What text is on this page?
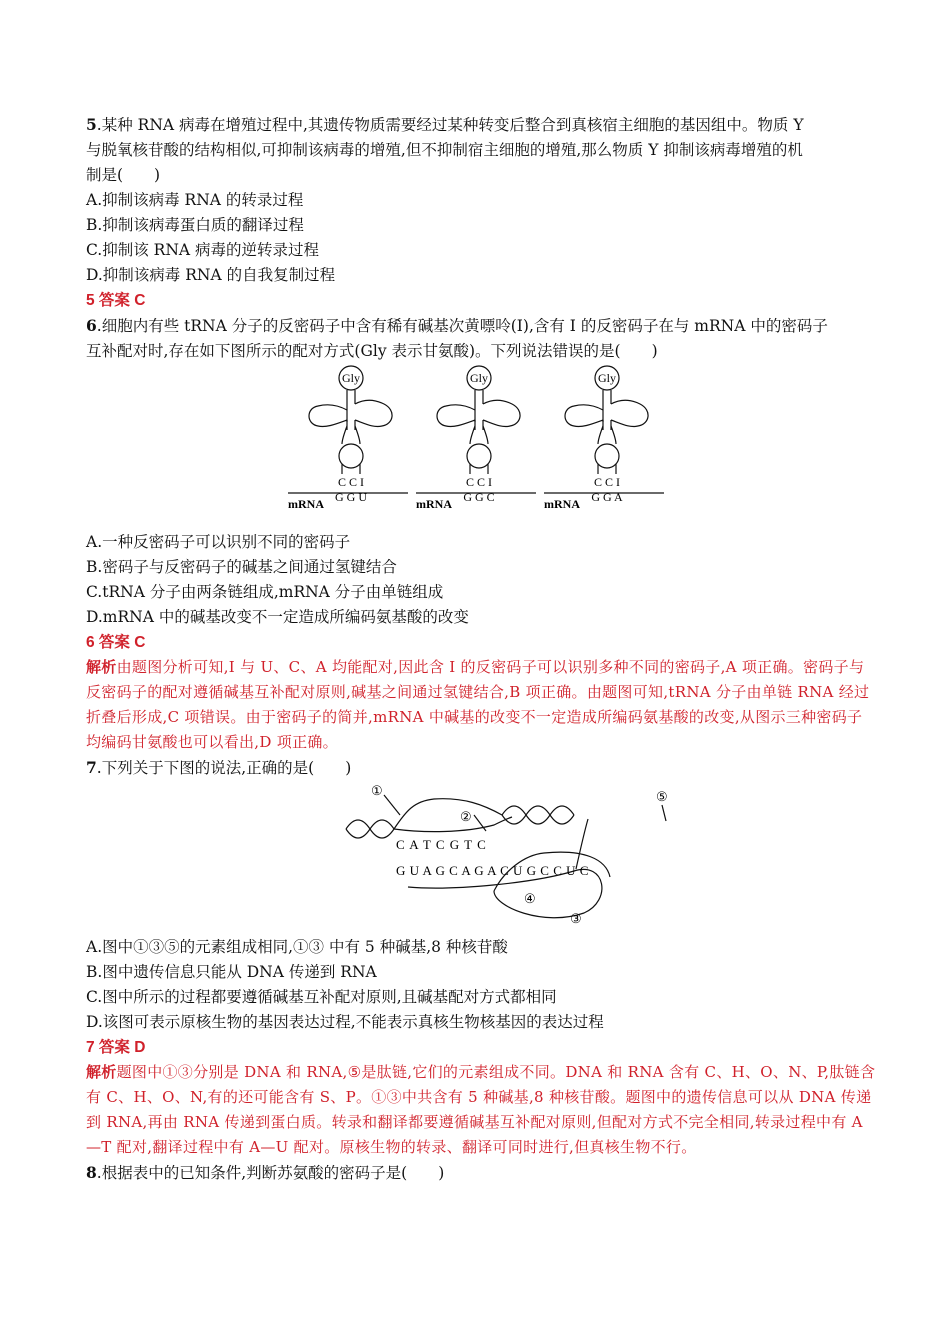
5.某种 RNA 病毒在增殖过程中,其遗传物质需要经过某种转变后整合到真核宿主细胞的基因组中。物质 Y

与脱氧核苷酸的结构相似,可抑制该病毒的增殖,但不抑制宿主细胞的增殖,那么物质 Y 抑制该病毒增殖的机

制是(　　)

A.抑制该病毒 RNA 的转录过程

B.抑制该病毒蛋白质的翻译过程

C.抑制该 RNA 病毒的逆转录过程

D.抑制该病毒 RNA 的自我复制过程

5 答案 C

6.细胞内有些 tRNA 分子的反密码子中含有稀有碱基次黄嘌呤(I),含有 I 的反密码子在与 mRNA 中的密码子

互补配对时,存在如下图所示的配对方式(Gly 表示甘氨酸)。下列说法错误的是(　　)

Gly
C C I
G G U
mRNA
Gly
C C I
G G C
mRNA
Gly
C C I
G G A
mRNA

A.一种反密码子可以识别不同的密码子

B.密码子与反密码子的碱基之间通过氢键结合

C.tRNA 分子由两条链组成,mRNA 分子由单链组成

D.mRNA 中的碱基改变不一定造成所编码氨基酸的改变

6 答案 C

解析由题图分析可知,I 与 U、C、A 均能配对,因此含 I 的反密码子可以识别多种不同的密码子,A 项正确。密码子与反密码子的配对遵循碱基互补配对原则,碱基之间通过氢键结合,B 项正确。由题图可知,tRNA 分子由单链 RNA 经过折叠后形成,C 项错误。由于密码子的简并,mRNA 中碱基的改变不一定造成所编码氨基酸的改变,从图示三种密码子均编码甘氨酸也可以看出,D 项正确。

7.下列关于下图的说法,正确的是(　　)

①
②
⑤
C A T C G T C
G U A G C A G A C U G C C U C
④
③

A.图中①③⑤的元素组成相同,①③ 中有 5 种碱基,8 种核苷酸

B.图中遗传信息只能从 DNA 传递到 RNA

C.图中所示的过程都要遵循碱基互补配对原则,且碱基配对方式都相同

D.该图可表示原核生物的基因表达过程,不能表示真核生物核基因的表达过程

7 答案 D

解析题图中①③分别是 DNA 和 RNA,⑤是肽链,它们的元素组成不同。DNA 和 RNA 含有 C、H、O、N、P,肽链含有 C、H、O、N,有的还可能含有 S、P。①③中共含有 5 种碱基,8 种核苷酸。题图中的遗传信息可以从 DNA 传递到 RNA,再由 RNA 传递到蛋白质。转录和翻译都要遵循碱基互补配对原则,但配对方式不完全相同,转录过程中有 A—T 配对,翻译过程中有 A—U 配对。原核生物的转录、翻译可同时进行,但真核生物不行。

8.根据表中的已知条件,判断苏氨酸的密码子是(　　)
